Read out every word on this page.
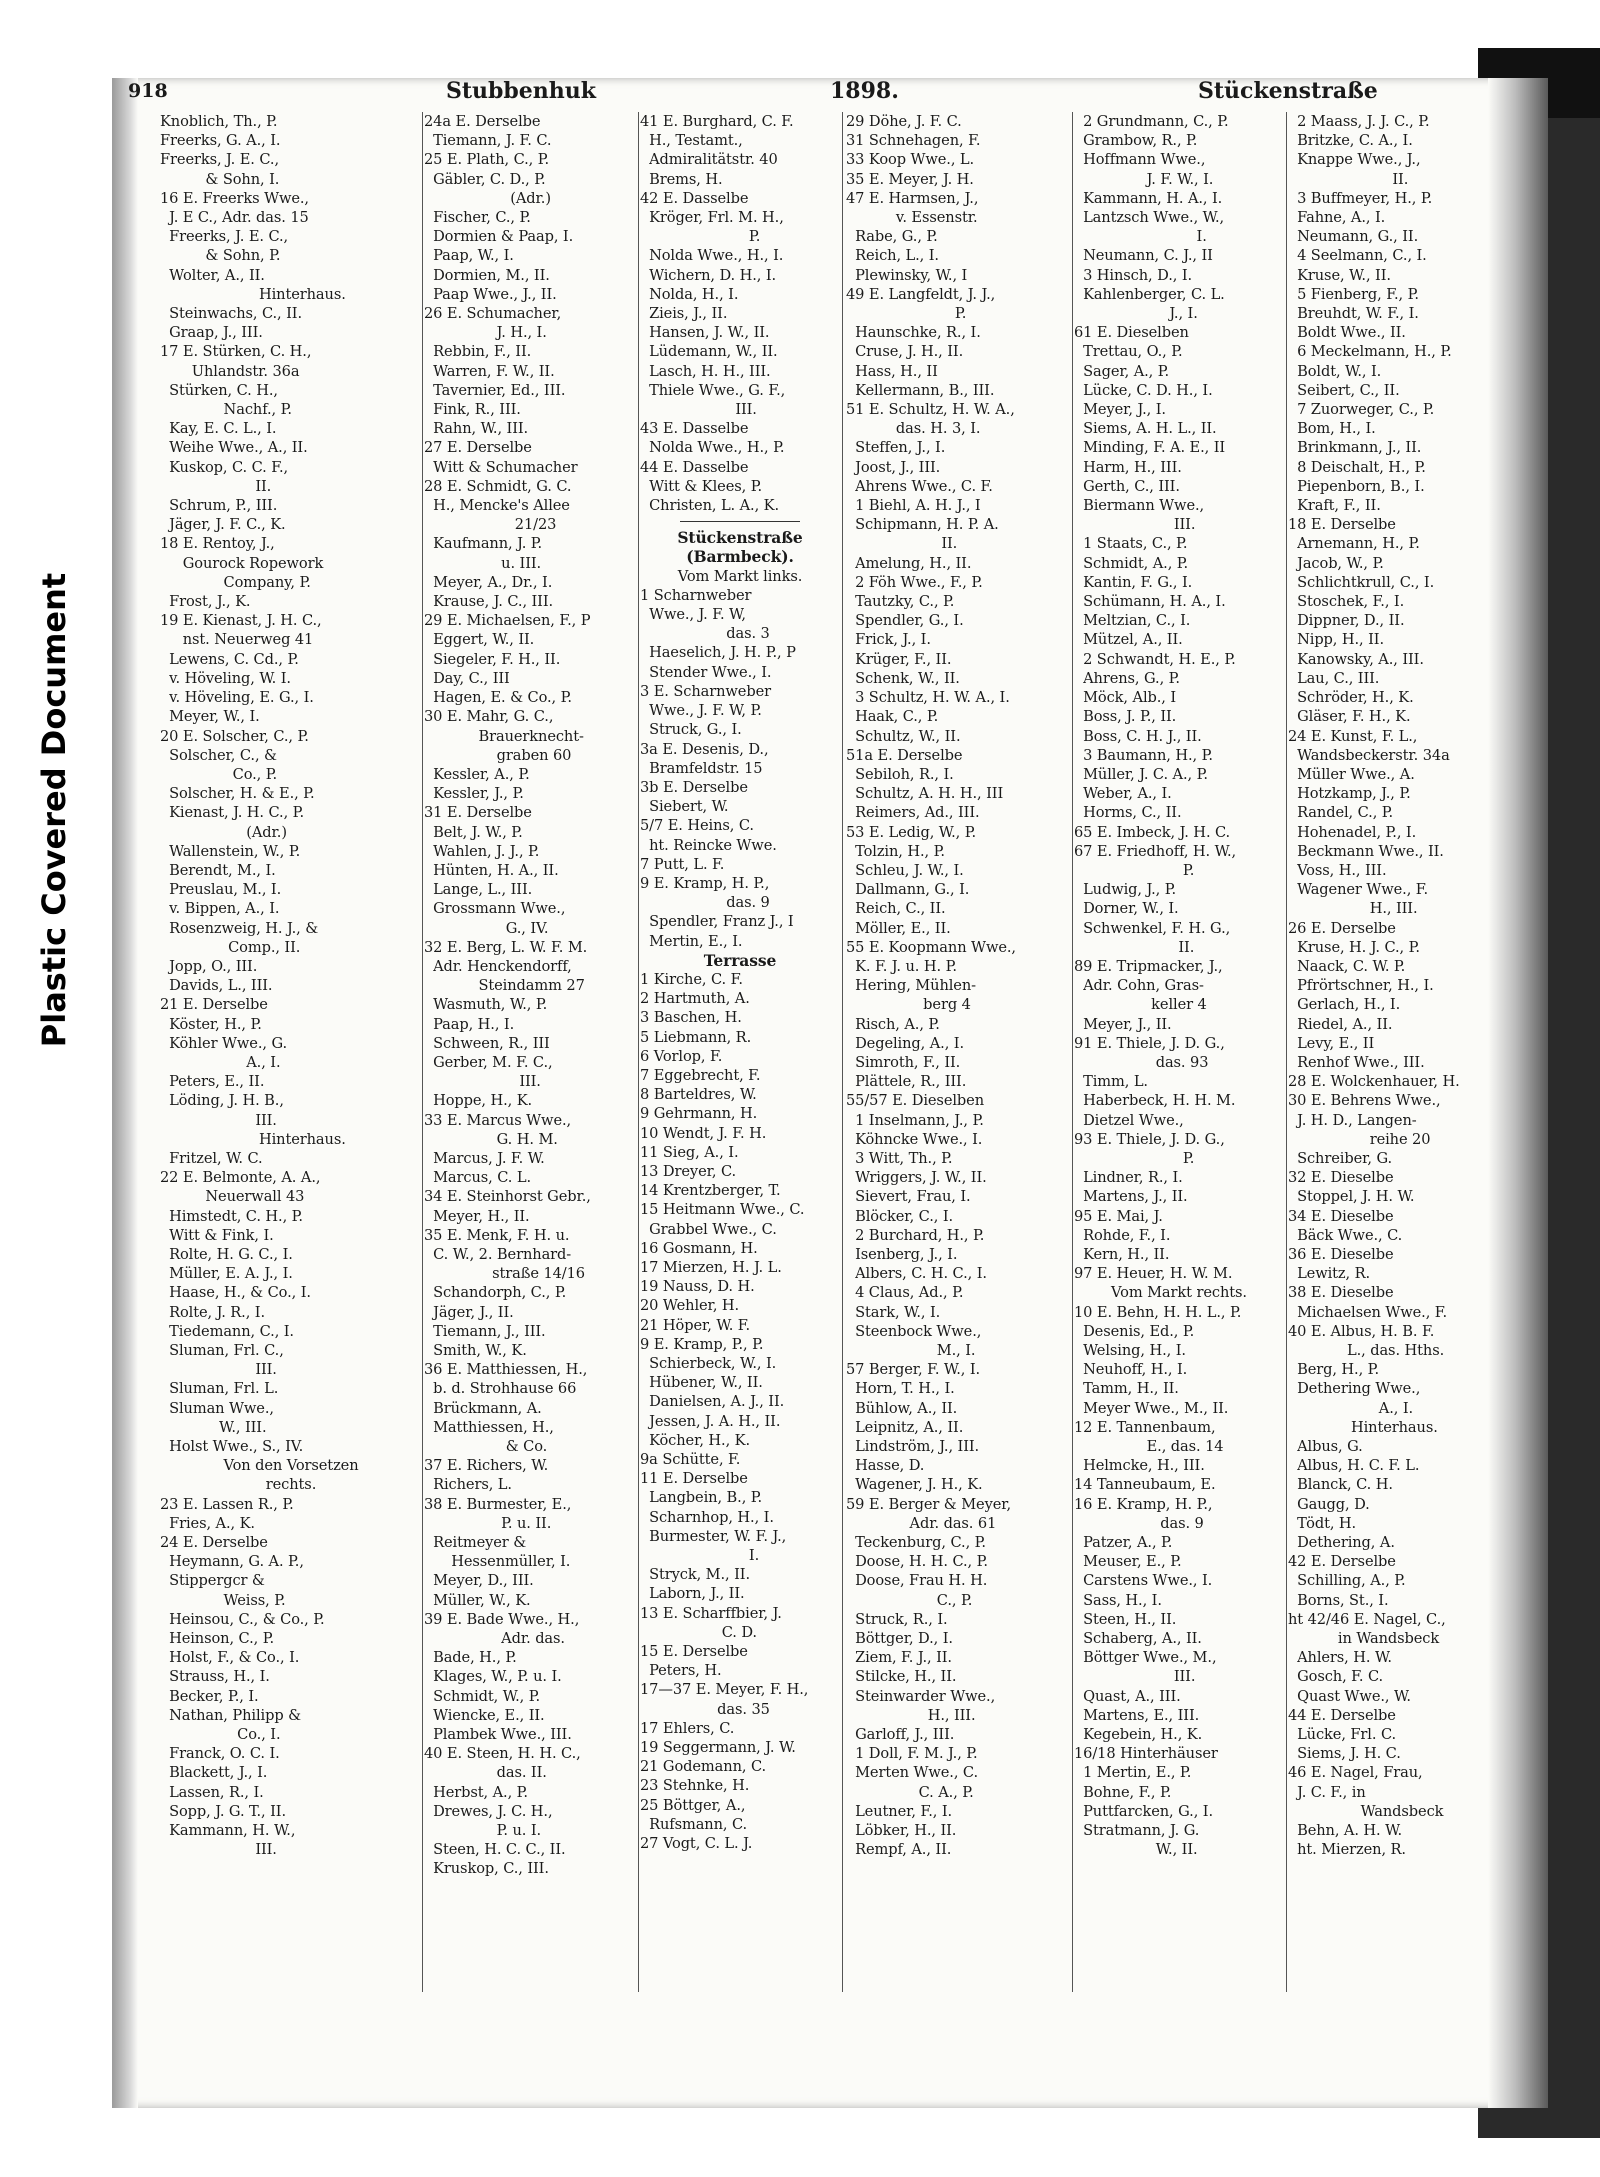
Plastic Covered Document
918	Stubbenhuk	1898.	Stückenstraße
Knoblich, Th., P.
Freerks, G. A., I.
Freerks, J. E. C.,
& Sohn, I.
16 E. Freerks Wwe.,
J. E C., Adr. das. 15
Freerks, J. E. C.,
& Sohn, P.
Wolter, A., II.
Hinterhaus.
Steinwachs, C., II.
Graap, J., III.
17 E. Stürken, C. H.,
Uhlandstr. 36a
Stürken, C. H.,
Nachf., P.
Kay, E. C. L., I.
Weihe Wwe., A., II.
Kuskop, C. C. F.,
II.
Schrum, P., III.
Jäger, J. F. C., K.
18 E. Rentoy, J.,
Gourock Ropework
Company, P.
Frost, J., K.
19 E. Kienast, J. H. C.,
nst. Neuerweg 41
Lewens, C. Cd., P.
v. Höveling, W. I.
v. Höveling, E. G., I.
Meyer, W., I.
20 E. Solscher, C., P.
Solscher, C., &
Co., P.
Solscher, H. & E., P.
Kienast, J. H. C., P.
(Adr.)
Wallenstein, W., P.
Berendt, M., I.
Preuslau, M., I.
v. Bippen, A., I.
Rosenzweig, H. J., &
Comp., II.
Jopp, O., III.
Davids, L., III.
21 E. Derselbe
Köster, H., P.
Köhler Wwe., G.
A., I.
Peters, E., II.
Löding, J. H. B.,
III.
Hinterhaus.
Fritzel, W. C.
22 E. Belmonte, A. A.,
Neuerwall 43
Himstedt, C. H., P.
Witt & Fink, I.
Rolte, H. G. C., I.
Müller, E. A. J., I.
Haase, H., & Co., I.
Rolte, J. R., I.
Tiedemann, C., I.
Sluman, Frl. C.,
III.
Sluman, Frl. L.
Sluman Wwe.,
W., III.
Holst Wwe., S., IV.
Von den Vorsetzen
rechts.
23 E. Lassen R., P.
Fries, A., K.
24 E. Derselbe
Heymann, G. A. P.,
Stippergcr &
Weiss, P.
Heinsou, C., & Co., P.
Heinson, C., P.
Holst, F., & Co., I.
Strauss, H., I.
Becker, P., I.
Nathan, Philipp &
Co., I.
Franck, O. C. I.
Blackett, J., I.
Lassen, R., I.
Sopp, J. G. T., II.
Kammann, H. W.,
III.
24a E. Derselbe
Tiemann, J. F. C.
25 E. Plath, C., P.
Gäbler, C. D., P.
(Adr.)
Fischer, C., P.
Dormien & Paap, I.
Paap, W., I.
Dormien, M., II.
Paap Wwe., J., II.
26 E. Schumacher,
J. H., I.
Rebbin, F., II.
Warren, F. W., II.
Tavernier, Ed., III.
Fink, R., III.
Rahn, W., III.
27 E. Derselbe
Witt & Schumacher
28 E. Schmidt, G. C.
H., Mencke's Allee
21/23
Kaufmann, J. P.
u. III.
Meyer, A., Dr., I.
Krause, J. C., III.
29 E. Michaelsen, F., P
Eggert, W., II.
Siegeler, F. H., II.
Day, C., III
Hagen, E. & Co., P.
30 E. Mahr, G. C.,
Brauerknecht-
graben 60
Kessler, A., P.
Kessler, J., P.
31 E. Derselbe
Belt, J. W., P.
Wahlen, J. J., P.
Hünten, H. A., II.
Lange, L., III.
Grossmann Wwe.,
G., IV.
32 E. Berg, L. W. F. M.
Adr. Henckendorff,
Steindamm 27
Wasmuth, W., P.
Paap, H., I.
Schween, R., III
Gerber, M. F. C.,
III.
Hoppe, H., K.
33 E. Marcus Wwe.,
G. H. M.
Marcus, J. F. W.
Marcus, C. L.
34 E. Steinhorst Gebr.,
Meyer, H., II.
35 E. Menk, F. H. u.
C. W., 2. Bernhard-
straße 14/16
Schandorph, C., P.
Jäger, J., II.
Tiemann, J., III.
Smith, W., K.
36 E. Matthiessen, H.,
b. d. Strohhause 66
Brückmann, A.
Matthiessen, H.,
& Co.
37 E. Richers, W.
Richers, L.
38 E. Burmester, E.,
P. u. II.
Reitmeyer &
Hessenmüller, I.
Meyer, D., III.
Müller, W., K.
39 E. Bade Wwe., H.,
Adr. das.
Bade, H., P.
Klages, W., P. u. I.
Schmidt, W., P.
Wiencke, E., II.
Plambek Wwe., III.
40 E. Steen, H. H. C.,
das. II.
Herbst, A., P.
Drewes, J. C. H.,
P. u. I.
Steen, H. C. C., II.
Kruskop, C., III.
41 E. Burghard, C. F.
H., Testamt.,
Admiralitätstr. 40
Brems, H.
42 E. Dasselbe
Kröger, Frl. M. H.,
P.
Nolda Wwe., H., I.
Wichern, D. H., I.
Nolda, H., I.
Zieis, J., II.
Hansen, J. W., II.
Lüdemann, W., II.
Lasch, H. H., III.
Thiele Wwe., G. F.,
III.
43 E. Dasselbe
Nolda Wwe., H., P.
44 E. Dasselbe
Witt & Klees, P.
Christen, L. A., K.
Stückenstraße
(Barmbeck).
Vom Markt links.
1 Scharnweber
Wwe., J. F. W,
das. 3
Haeselich, J. H. P., P
Stender Wwe., I.
3 E. Scharnweber
Wwe., J. F. W, P.
Struck, G., I.
3a E. Desenis, D.,
Bramfeldstr. 15
3b E. Derselbe
Siebert, W.
5/7 E. Heins, C.
ht. Reincke Wwe.
7 Putt, L. F.
9 E. Kramp, H. P.,
das. 9
Spendler, Franz J., I
Mertin, E., I.
Terrasse
1 Kirche, C. F.
2 Hartmuth, A.
3 Baschen, H.
5 Liebmann, R.
6 Vorlop, F.
7 Eggebrecht, F.
8 Barteldres, W.
9 Gehrmann, H.
10 Wendt, J. F. H.
11 Sieg, A., I.
13 Dreyer, C.
14 Krentzberger, T.
15 Heitmann Wwe., C.
Grabbel Wwe., C.
16 Gosmann, H.
17 Mierzen, H. J. L.
19 Nauss, D. H.
20 Wehler, H.
21 Höper, W. F.
9 E. Kramp, P., P.
Schierbeck, W., I.
Hübener, W., II.
Danielsen, A. J., II.
Jessen, J. A. H., II.
Köcher, H., K.
9a Schütte, F.
11 E. Derselbe
Langbein, B., P.
Scharnhop, H., I.
Burmester, W. F. J.,
I.
Stryck, M., II.
Laborn, J., II.
13 E. Scharffbier, J.
C. D.
15 E. Derselbe
Peters, H.
17—37 E. Meyer, F. H.,
das. 35
17 Ehlers, C.
19 Seggermann, J. W.
21 Godemann, C.
23 Stehnke, H.
25 Böttger, A.,
Rufsmann, C.
27 Vogt, C. L. J.
29 Döhe, J. F. C.
31 Schnehagen, F.
33 Koop Wwe., L.
35 E. Meyer, J. H.
47 E. Harmsen, J.,
v. Essenstr.
Rabe, G., P.
Reich, L., I.
Plewinsky, W., I
49 E. Langfeldt, J. J.,
P.
Haunschke, R., I.
Cruse, J. H., II.
Hass, H., II
Kellermann, B., III.
51 E. Schultz, H. W. A.,
das. H. 3, I.
Steffen, J., I.
Joost, J., III.
Ahrens Wwe., C. F.
1 Biehl, A. H. J., I
Schipmann, H. P. A.
II.
Amelung, H., II.
2 Föh Wwe., F., P.
Tautzky, C., P.
Spendler, G., I.
Frick, J., I.
Krüger, F., II.
Schenk, W., II.
3 Schultz, H. W. A., I.
Haak, C., P.
Schultz, W., II.
51a E. Derselbe
Sebiloh, R., I.
Schultz, A. H. H., III
Reimers, Ad., III.
53 E. Ledig, W., P.
Tolzin, H., P.
Schleu, J. W., I.
Dallmann, G., I.
Reich, C., II.
Möller, E., II.
55 E. Koopmann Wwe.,
K. F. J. u. H. P.
Hering, Mühlen-
berg 4
Risch, A., P.
Degeling, A., I.
Simroth, F., II.
Plättele, R., III.
55/57 E. Dieselben
1 Inselmann, J., P.
Köhncke Wwe., I.
3 Witt, Th., P.
Wriggers, J. W., II.
Sievert, Frau, I.
Blöcker, C., I.
2 Burchard, H., P.
Isenberg, J., I.
Albers, C. H. C., I.
4 Claus, Ad., P.
Stark, W., I.
Steenbock Wwe.,
M., I.
57 Berger, F. W., I.
Horn, T. H., I.
Bühlow, A., II.
Leipnitz, A., II.
Lindström, J., III.
Hasse, D.
Wagener, J. H., K.
59 E. Berger & Meyer,
Adr. das. 61
Teckenburg, C., P.
Doose, H. H. C., P.
Doose, Frau H. H.
C., P.
Struck, R., I.
Böttger, D., I.
Ziem, F. J., II.
Stilcke, H., II.
Steinwarder Wwe.,
H., III.
Garloff, J., III.
1 Doll, F. M. J., P.
Merten Wwe., C.
C. A., P.
Leutner, F., I.
Löbker, H., II.
Rempf, A., II.
2 Grundmann, C., P.
Grambow, R., P.
Hoffmann Wwe.,
J. F. W., I.
Kammann, H. A., I.
Lantzsch Wwe., W.,
I.
Neumann, C. J., II
3 Hinsch, D., I.
Kahlenberger, C. L.
J., I.
61 E. Dieselben
Trettau, O., P.
Sager, A., P.
Lücke, C. D. H., I.
Meyer, J., I.
Siems, A. H. L., II.
Minding, F. A. E., II
Harm, H., III.
Gerth, C., III.
Biermann Wwe.,
III.
1 Staats, C., P.
Schmidt, A., P.
Kantin, F. G., I.
Schümann, H. A., I.
Meltzian, C., I.
Mützel, A., II.
2 Schwandt, H. E., P.
Ahrens, G., P.
Möck, Alb., I
Boss, J. P., II.
Boss, C. H. J., II.
3 Baumann, H., P.
Müller, J. C. A., P.
Weber, A., I.
Horms, C., II.
65 E. Imbeck, J. H. C.
67 E. Friedhoff, H. W.,
P.
Ludwig, J., P.
Dorner, W., I.
Schwenkel, F. H. G.,
II.
89 E. Tripmacker, J.,
Adr. Cohn, Gras-
keller 4
Meyer, J., II.
91 E. Thiele, J. D. G.,
das. 93
Timm, L.
Haberbeck, H. H. M.
Dietzel Wwe.,
93 E. Thiele, J. D. G.,
P.
Lindner, R., I.
Martens, J., II.
95 E. Mai, J.
Rohde, F., I.
Kern, H., II.
97 E. Heuer, H. W. M.
Vom Markt rechts.
10 E. Behn, H. H. L., P.
Desenis, Ed., P.
Welsing, H., I.
Neuhoff, H., I.
Tamm, H., II.
Meyer Wwe., M., II.
12 E. Tannenbaum,
E., das. 14
Helmcke, H., III.
14 Tanneubaum, E.
16 E. Kramp, H. P.,
das. 9
Patzer, A., P.
Meuser, E., P.
Carstens Wwe., I.
Sass, H., I.
Steen, H., II.
Schaberg, A., II.
Böttger Wwe., M.,
III.
Quast, A., III.
Martens, E., III.
Kegebein, H., K.
16/18 Hinterhäuser
1 Mertin, E., P.
Bohne, F., P.
Puttfarcken, G., I.
Stratmann, J. G.
W., II.
2 Maass, J. J. C., P.
Britzke, C. A., I.
Knappe Wwe., J.,
II.
3 Buffmeyer, H., P.
Fahne, A., I.
Neumann, G., II.
4 Seelmann, C., I.
Kruse, W., II.
5 Fienberg, F., P.
Breuhdt, W. F., I.
Boldt Wwe., II.
6 Meckelmann, H., P.
Boldt, W., I.
Seibert, C., II.
7 Zuorweger, C., P.
Bom, H., I.
Brinkmann, J., II.
8 Deischalt, H., P.
Piepenborn, B., I.
Kraft, F., II.
18 E. Derselbe
Arnemann, H., P.
Jacob, W., P.
Schlichtkrull, C., I.
Stoschek, F., I.
Dippner, D., II.
Nipp, H., II.
Kanowsky, A., III.
Lau, C., III.
Schröder, H., K.
Gläser, F. H., K.
24 E. Kunst, F. L.,
Wandsbeckerstr. 34a
Müller Wwe., A.
Hotzkamp, J., P.
Randel, C., P.
Hohenadel, P., I.
Beckmann Wwe., II.
Voss, H., III.
Wagener Wwe., F.
H., III.
26 E. Derselbe
Kruse, H. J. C., P.
Naack, C. W. P.
Pfrörtschner, H., I.
Gerlach, H., I.
Riedel, A., II.
Levy, E., II
Renhof Wwe., III.
28 E. Wolckenhauer, H.
30 E. Behrens Wwe.,
J. H. D., Langen-
reihe 20
Schreiber, G.
32 E. Dieselbe
Stoppel, J. H. W.
34 E. Dieselbe
Bäck Wwe., C.
36 E. Dieselbe
Lewitz, R.
38 E. Dieselbe
Michaelsen Wwe., F.
40 E. Albus, H. B. F.
L., das. Hths.
Berg, H., P.
Dethering Wwe.,
A., I.
Hinterhaus.
Albus, G.
Albus, H. C. F. L.
Blanck, C. H.
Gaugg, D.
Tödt, H.
Dethering, A.
42 E. Derselbe
Schilling, A., P.
Borns, St., I.
ht 42/46 E. Nagel, C.,
in Wandsbeck
Ahlers, H. W.
Gosch, F. C.
Quast Wwe., W.
44 E. Derselbe
Lücke, Frl. C.
Siems, J. H. C.
46 E. Nagel, Frau,
J. C. F., in
Wandsbeck
Behn, A. H. W.
ht. Mierzen, R.
